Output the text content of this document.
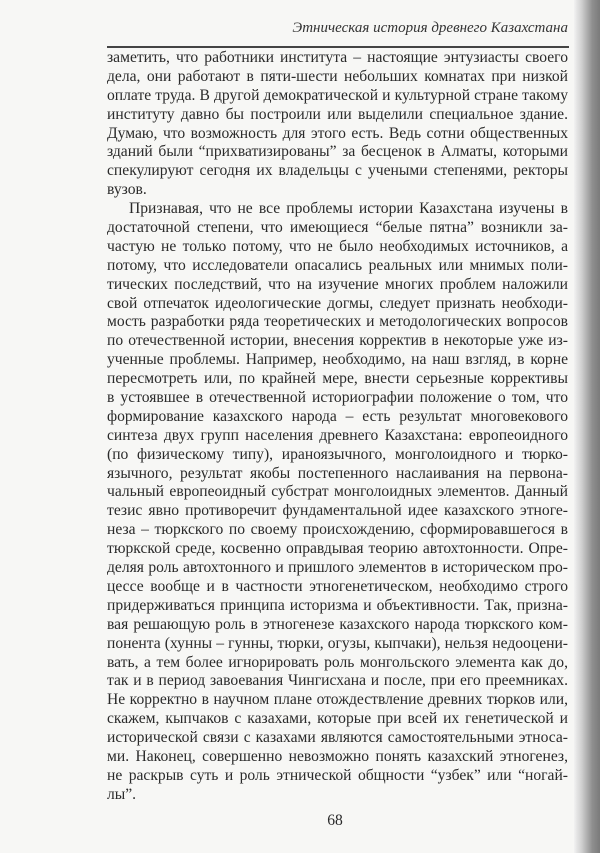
Этническая история древнего Казахстана
заметить, что работники института – настоящие энтузиасты своего
дела, они работают в пяти-шести небольших комнатах при низкой
оплате труда. В другой демократической и культурной стране такому
институту давно бы построили или выделили специальное здание.
Думаю, что возможность для этого есть. Ведь сотни общественных
зданий были “прихватизированы” за бесценок в Алматы, которыми
спекулируют сегодня их владельцы с учеными степенями, ректоры
вузов.
Признавая, что не все проблемы истории Казахстана изучены в
достаточной степени, что имеющиеся “белые пятна” возникли за-
частую не только потому, что не было необходимых источников, а
потому, что исследователи опасались реальных или мнимых поли-
тических последствий, что на изучение многих проблем наложили
свой отпечаток идеологические догмы, следует признать необходи-
мость разработки ряда теоретических и методологических вопросов
по отечественной истории, внесения корректив в некоторые уже из-
ученные проблемы. Например, необходимо, на наш взгляд, в корне
пересмотреть или, по крайней мере, внести серьезные коррективы
в устоявшее в отечественной историографии положение о том, что
формирование казахского народа – есть результат многовекового
синтеза двух групп населения древнего Казахстана: европеоидного
(по физическому типу), ираноязычного, монголоидного и тюрко-
язычного, результат якобы постепенного наслаивания на первона-
чальный европеоидный субстрат монголоидных элементов. Данный
тезис явно противоречит фундаментальной идее казахского этноге-
неза – тюркского по своему происхождению, сформировавшегося в
тюркской среде, косвенно оправдывая теорию автохтонности. Опре-
деляя роль автохтонного и пришлого элементов в историческом про-
цессе вообще и в частности этногенетическом, необходимо строго
придерживаться принципа историзма и объективности. Так, призна-
вая решающую роль в этногенезе казахского народа тюркского ком-
понента (хунны – гунны, тюрки, огузы, кыпчаки), нельзя недооцени-
вать, а тем более игнорировать роль монгольского элемента как до,
так и в период завоевания Чингисхана и после, при его преемниках.
Не корректно в научном плане отождествление древних тюрков или,
скажем, кыпчаков с казахами, которые при всей их генетической и
исторической связи с казахами являются самостоятельными этноса-
ми. Наконец, совершенно невозможно понять казахский этногенез,
не раскрыв суть и роль этнической общности “узбек” или “ногай-
лы”.
68
